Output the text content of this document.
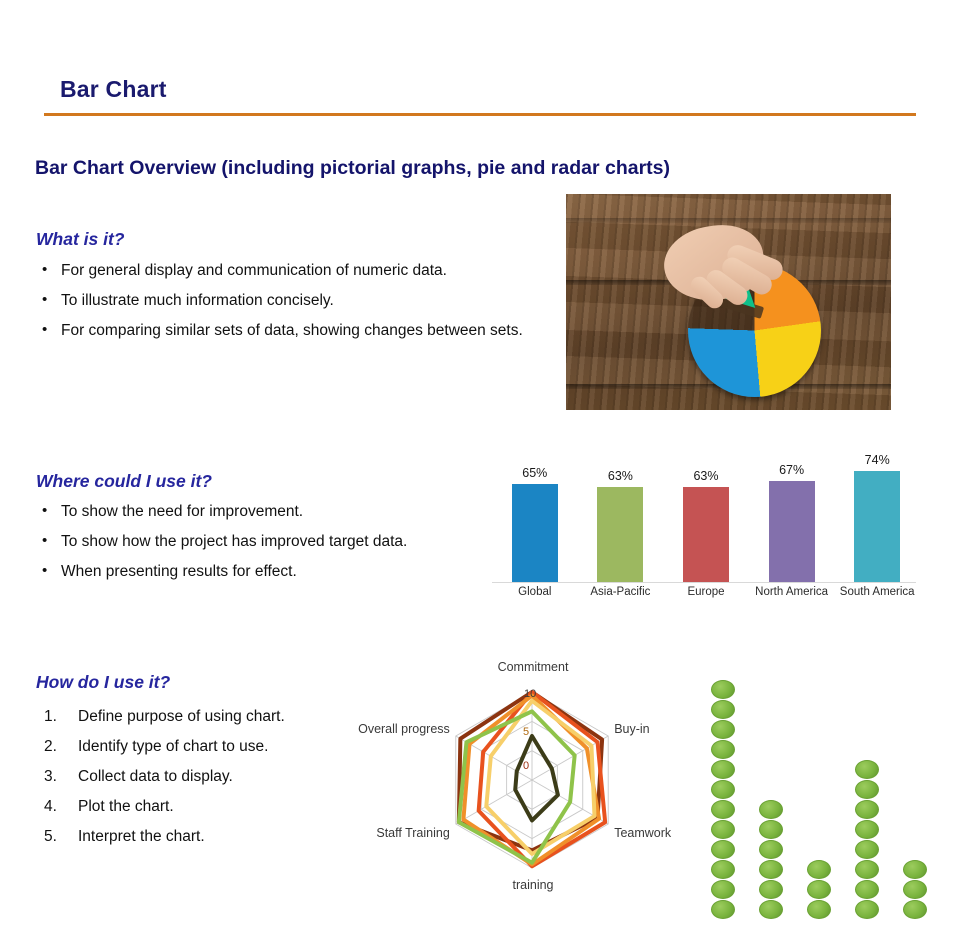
Bar Chart
Bar Chart Overview (including pictorial graphs, pie and radar charts)
What is it?
• For general display and communication of numeric data.
• To illustrate much information concisely.
• For comparing similar sets of data, showing changes between sets.
Where could I use it?
• To show the need for improvement.
• To show how the project has improved target data.
• When presenting results for effect.
How do I use it?
1.	Define purpose of using chart.
2.	Identify type of chart to use.
3.	Collect data to display.
4.	Plot the chart.
5.	Interpret the chart.
65%	63%	63%	67%
74%
Global	Asia-Pacific	Europe	North America	South America
Commitment
Buy-in
Teamwork
training
Staff Training
Overall progress
10
5
0
